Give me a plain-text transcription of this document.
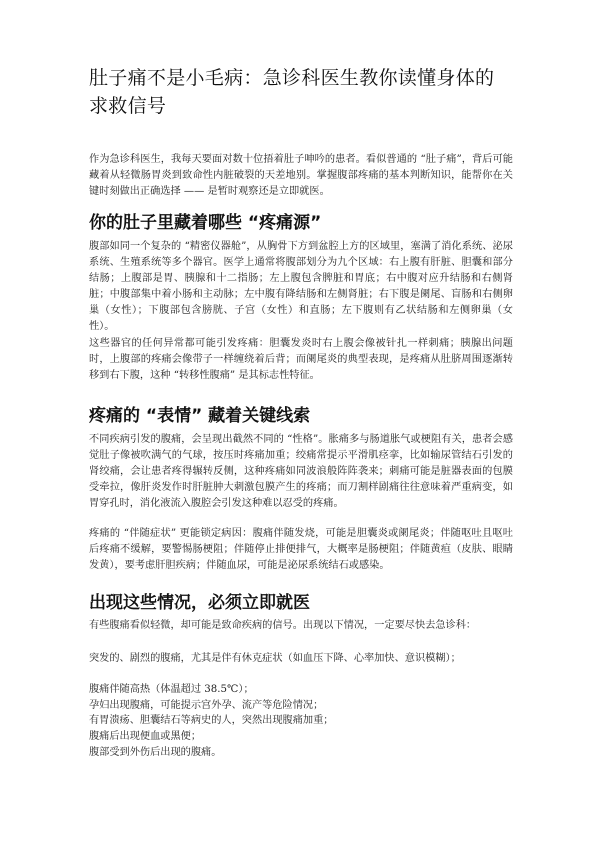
肚子痛不是小毛病：急诊科医生教你读懂身体的求救信号

作为急诊科医生，我每天要面对数十位捂着肚子呻吟的患者。看似普通的 “肚子痛”，背后可能藏着从轻微肠胃炎到致命性内脏破裂的天差地别。掌握腹部疼痛的基本判断知识，能帮你在关键时刻做出正确选择 —— 是暂时观察还是立即就医。

你的肚子里藏着哪些 “疼痛源”

腹部如同一个复杂的 “精密仪器舱”，从胸骨下方到盆腔上方的区域里，塞满了消化系统、泌尿系统、生殖系统等多个器官。医学上通常将腹部划分为九个区域：右上腹有肝脏、胆囊和部分结肠；上腹部是胃、胰腺和十二指肠；左上腹包含脾脏和胃底；右中腹对应升结肠和右侧肾脏；中腹部集中着小肠和主动脉；左中腹有降结肠和左侧肾脏；右下腹是阑尾、盲肠和右侧卵巢（女性）；下腹部包含膀胱、子宫（女性）和直肠；左下腹则有乙状结肠和左侧卵巢（女性）。

这些器官的任何异常都可能引发疼痛：胆囊发炎时右上腹会像被针扎一样刺痛；胰腺出问题时，上腹部的疼痛会像带子一样缠绕着后背；而阑尾炎的典型表现，是疼痛从肚脐周围逐渐转移到右下腹，这种 “转移性腹痛” 是其标志性特征。

疼痛的 “表情” 藏着关键线索

不同疾病引发的腹痛，会呈现出截然不同的 “性格”。胀痛多与肠道胀气或梗阻有关，患者会感觉肚子像被吹满气的气球，按压时疼痛加重；绞痛常提示平滑肌痉挛，比如输尿管结石引发的肾绞痛，会让患者疼得辗转反侧，这种疼痛如同波浪般阵阵袭来；刺痛可能是脏器表面的包膜受牵拉，像肝炎发作时肝脏肿大刺激包膜产生的疼痛；而刀割样剧痛往往意味着严重病变，如胃穿孔时，消化液流入腹腔会引发这种难以忍受的疼痛。

疼痛的 “伴随症状” 更能锁定病因：腹痛伴随发烧，可能是胆囊炎或阑尾炎；伴随呕吐且呕吐后疼痛不缓解，要警惕肠梗阻；伴随停止排便排气，大概率是肠梗阻；伴随黄疸（皮肤、眼睛发黄），要考虑肝胆疾病；伴随血尿，可能是泌尿系统结石或感染。

出现这些情况，必须立即就医

有些腹痛看似轻微，却可能是致命疾病的信号。出现以下情况，一定要尽快去急诊科：

突发的、剧烈的腹痛，尤其是伴有休克症状（如血压下降、心率加快、意识模糊）；

腹痛伴随高热（体温超过 38.5℃）；

孕妇出现腹痛，可能提示宫外孕、流产等危险情况；

有胃溃疡、胆囊结石等病史的人，突然出现腹痛加重；

腹痛后出现便血或黑便；

腹部受到外伤后出现的腹痛。
